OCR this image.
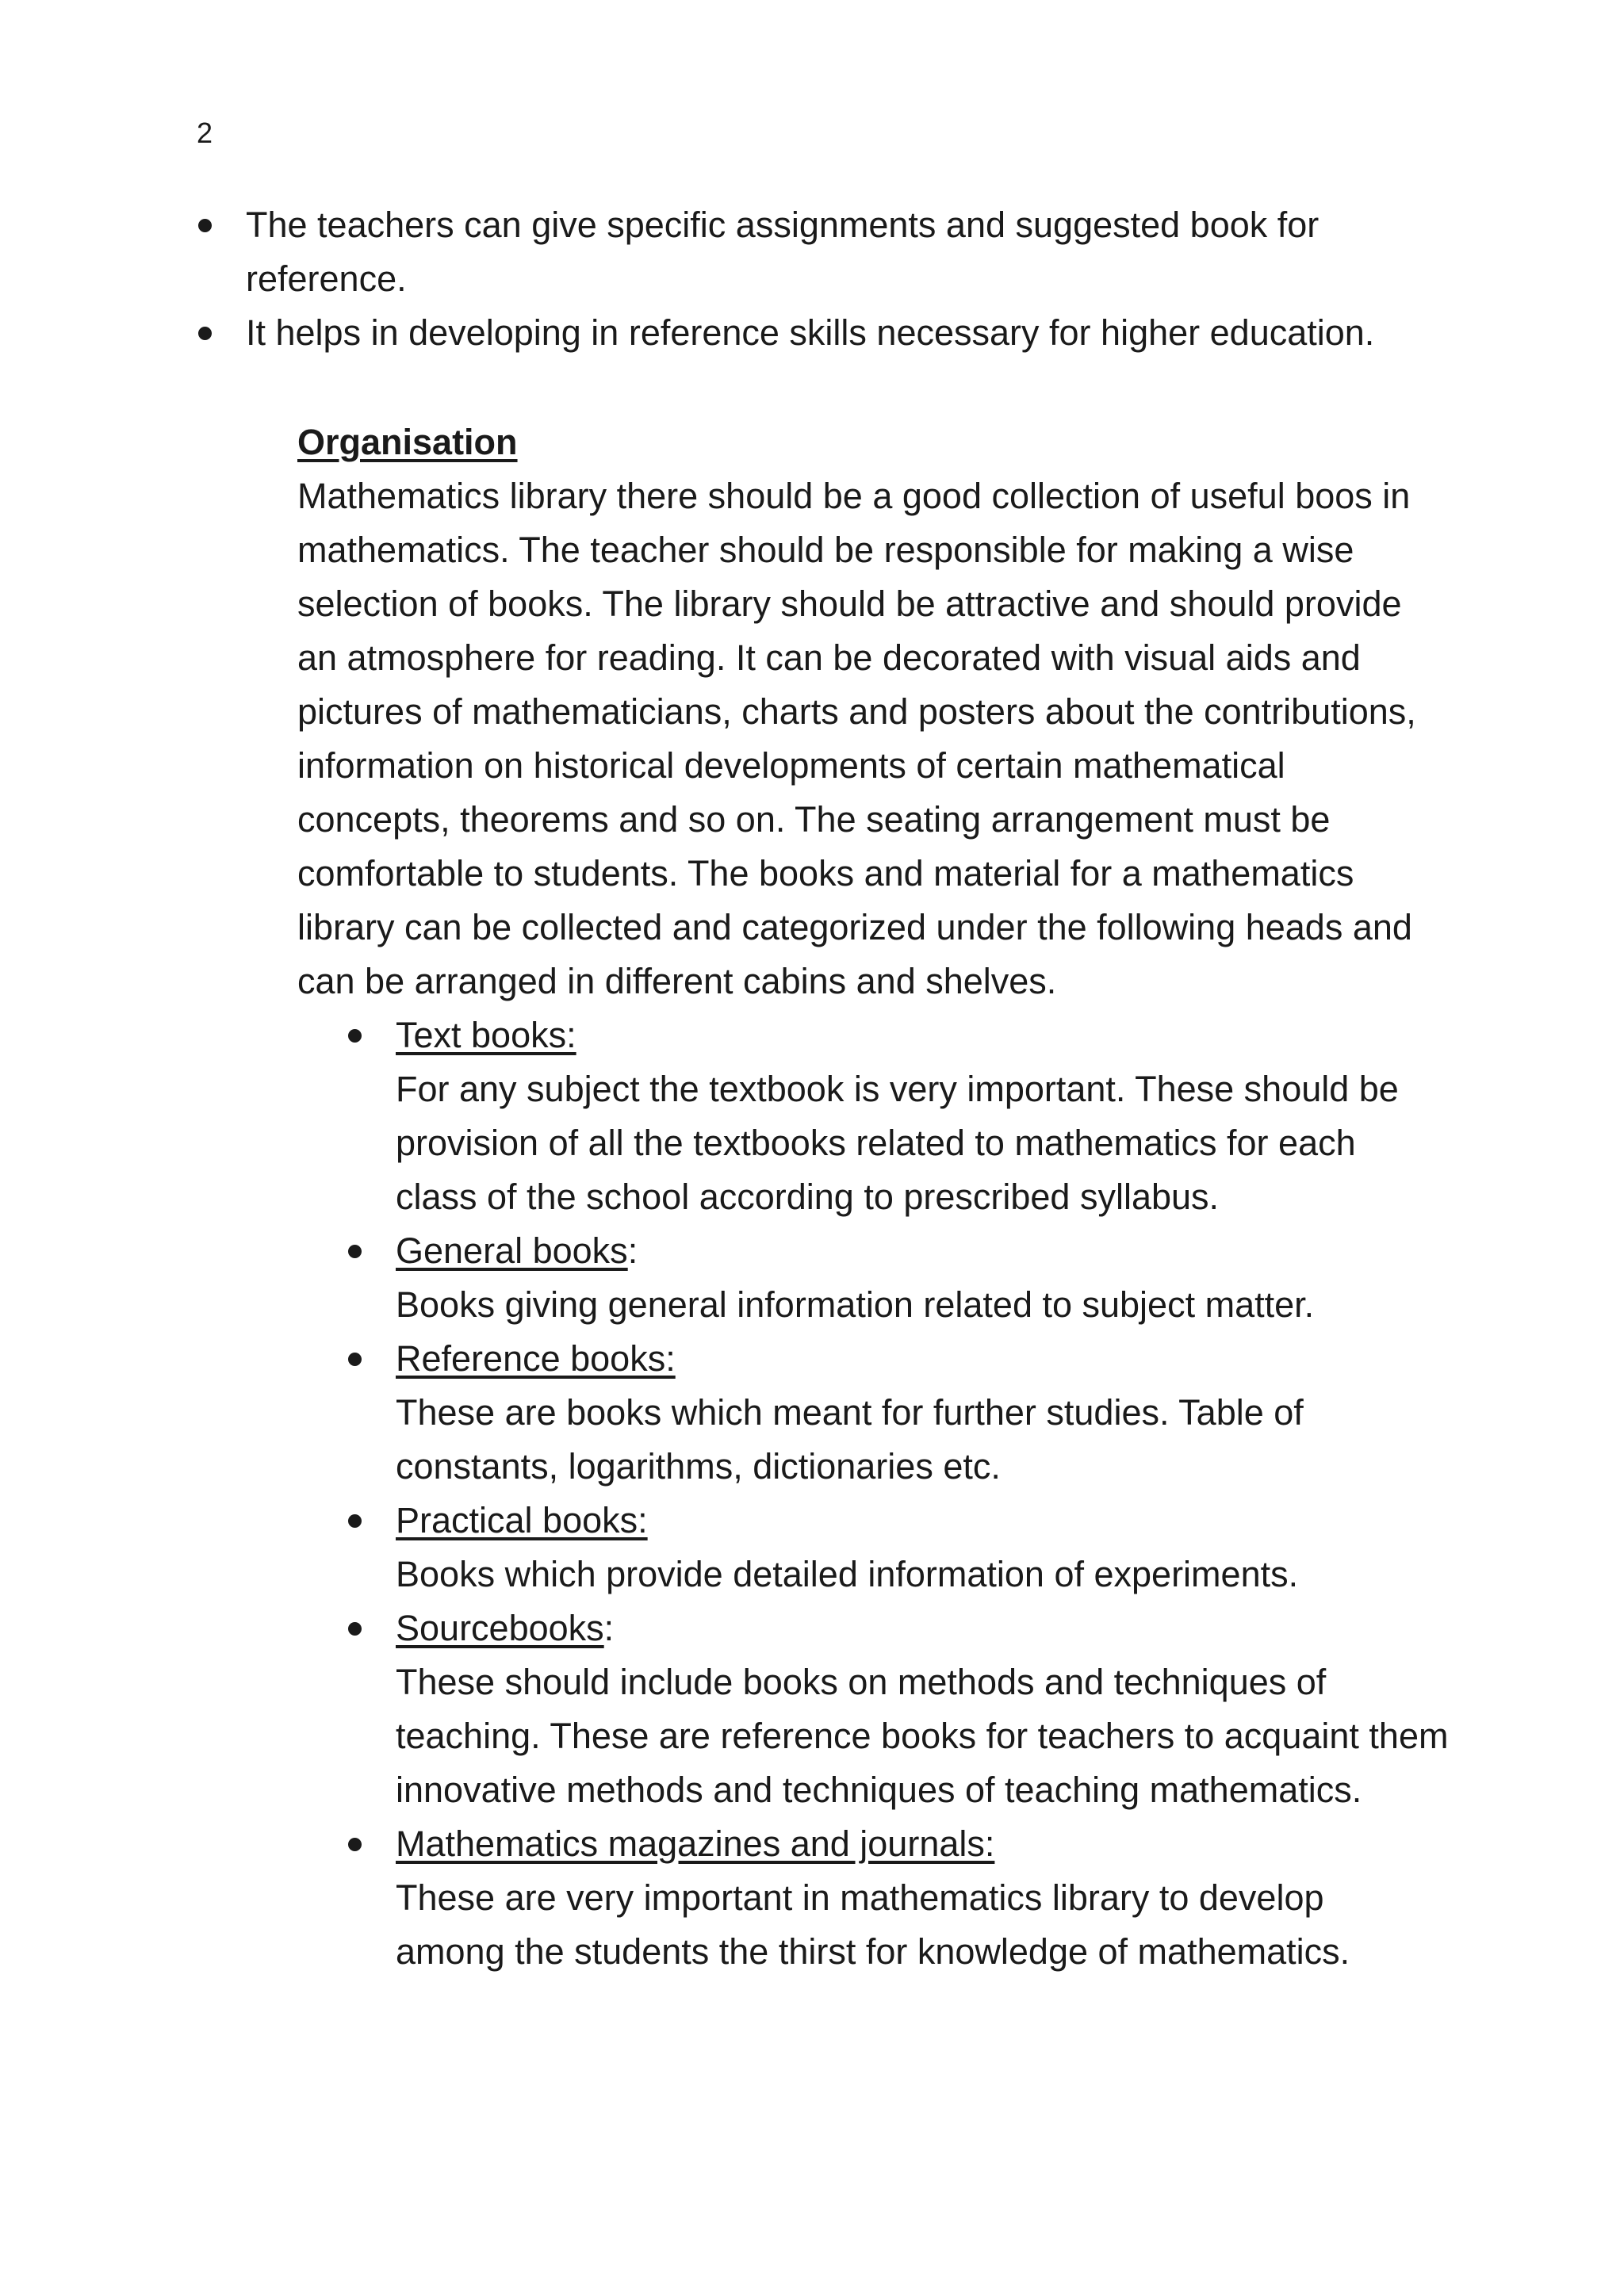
2
The teachers can give specific assignments and suggested book for
reference.
It helps in developing in reference skills necessary for higher education.
Organisation

Mathematics library there should be a good collection of useful boos in
mathematics. The teacher should be responsible for making a wise
selection of books. The library should be attractive and should provide
an atmosphere for reading. It can be decorated with visual aids and
pictures of mathematicians, charts and posters about the contributions,
information on historical developments of certain mathematical
concepts, theorems and so on. The seating arrangement must be
comfortable to students. The books and material for a mathematics
library can be collected and categorized under the following heads and
can be arranged in different cabins and shelves.

Text books:
For any subject the textbook is very important. These should be
provision of all the textbooks related to mathematics for each
class of the school according to prescribed syllabus.
General books:
Books giving general information related to subject matter.
Reference books:
These are books which meant for further studies. Table of
constants, logarithms, dictionaries etc.
Practical books:
Books which provide detailed information of experiments.
Sourcebooks:
These should include books on methods and techniques of
teaching. These are reference books for teachers to acquaint them
innovative methods and techniques of teaching mathematics.
Mathematics magazines and journals:
These are very important in mathematics library to develop
among the students the thirst for knowledge of mathematics.
